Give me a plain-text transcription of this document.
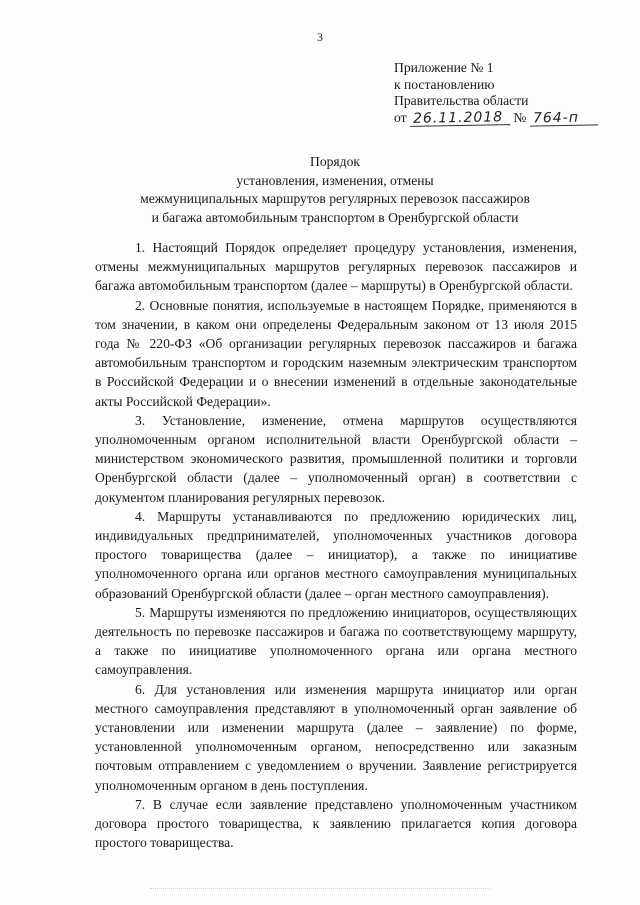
3
Приложение № 1
к постановлению
Правительства области
от 26.11.2018 № 764-п
Порядок
установления, изменения, отмены
межмуниципальных маршрутов регулярных перевозок пассажиров
и багажа автомобильным транспортом в Оренбургской области

1. Настоящий Порядок определяет процедуру установления, изменения, отмены межмуниципальных маршрутов регулярных перевозок пассажиров и багажа автомобильным транспортом (далее – маршруты) в Оренбургской области.

2. Основные понятия, используемые в настоящем Порядке, применяются в том значении, в каком они определены Федеральным законом от 13 июля 2015 года № 220-ФЗ «Об организации регулярных перевозок пассажиров и багажа автомобильным транспортом и городским наземным электрическим транспортом в Российской Федерации и о внесении изменений в отдельные законодательные акты Российской Федерации».

3. Установление, изменение, отмена маршрутов осуществляются уполномоченным органом исполнительной власти Оренбургской области – министерством экономического развития, промышленной политики и торговли Оренбургской области (далее – уполномоченный орган) в соответствии с документом планирования регулярных перевозок.

4. Маршруты устанавливаются по предложению юридических лиц, индивидуальных предпринимателей, уполномоченных участников договора простого товарищества (далее – инициатор), а также по инициативе уполномоченного органа или органов местного самоуправления муниципальных образований Оренбургской области (далее – орган местного самоуправления).

5. Маршруты изменяются по предложению инициаторов, осуществляющих деятельность по перевозке пассажиров и багажа по соответствующему маршруту, а также по инициативе уполномоченного органа или органа местного самоуправления.

6. Для установления или изменения маршрута инициатор или орган местного самоуправления представляют в уполномоченный орган заявление об установлении или изменении маршрута (далее – заявление) по форме, установленной уполномоченным органом, непосредственно или заказным почтовым отправлением с уведомлением о вручении. Заявление регистрируется уполномоченным органом в день поступления.

7. В случае если заявление представлено уполномоченным участником договора простого товарищества, к заявлению прилагается копия договора простого товарищества.
